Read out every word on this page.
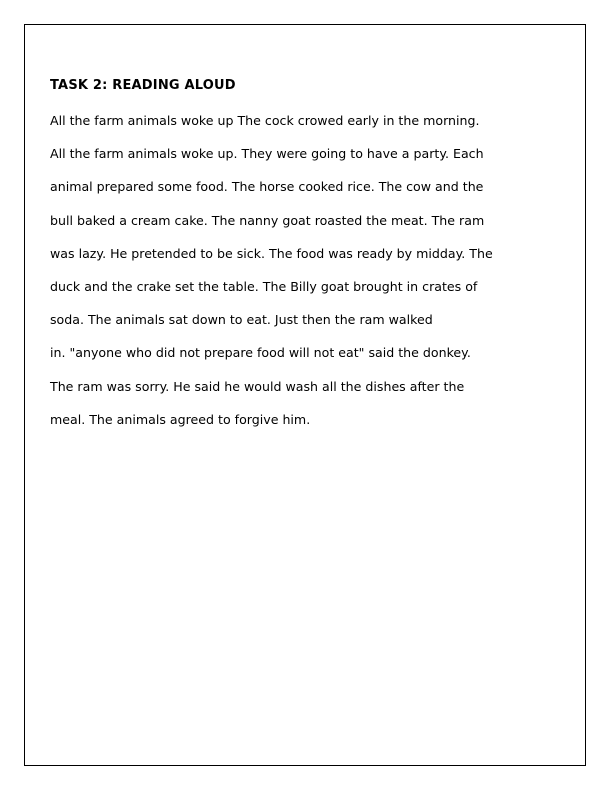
TASK 2: READING ALOUD
All the farm animals woke up The cock crowed early in the morning.
All the farm animals woke up. They were going to have a party. Each
animal prepared some food. The horse cooked rice. The cow and the
bull baked a cream cake. The nanny goat roasted the meat. The ram
was lazy. He pretended to be sick. The food was ready by midday. The
duck and the crake set the table. The Billy goat brought in crates of
soda. The animals sat down to eat. Just then the ram walked
in. "anyone who did not prepare food will not eat" said the donkey.
The ram was sorry. He said he would wash all the dishes after the
meal. The animals agreed to forgive him.
